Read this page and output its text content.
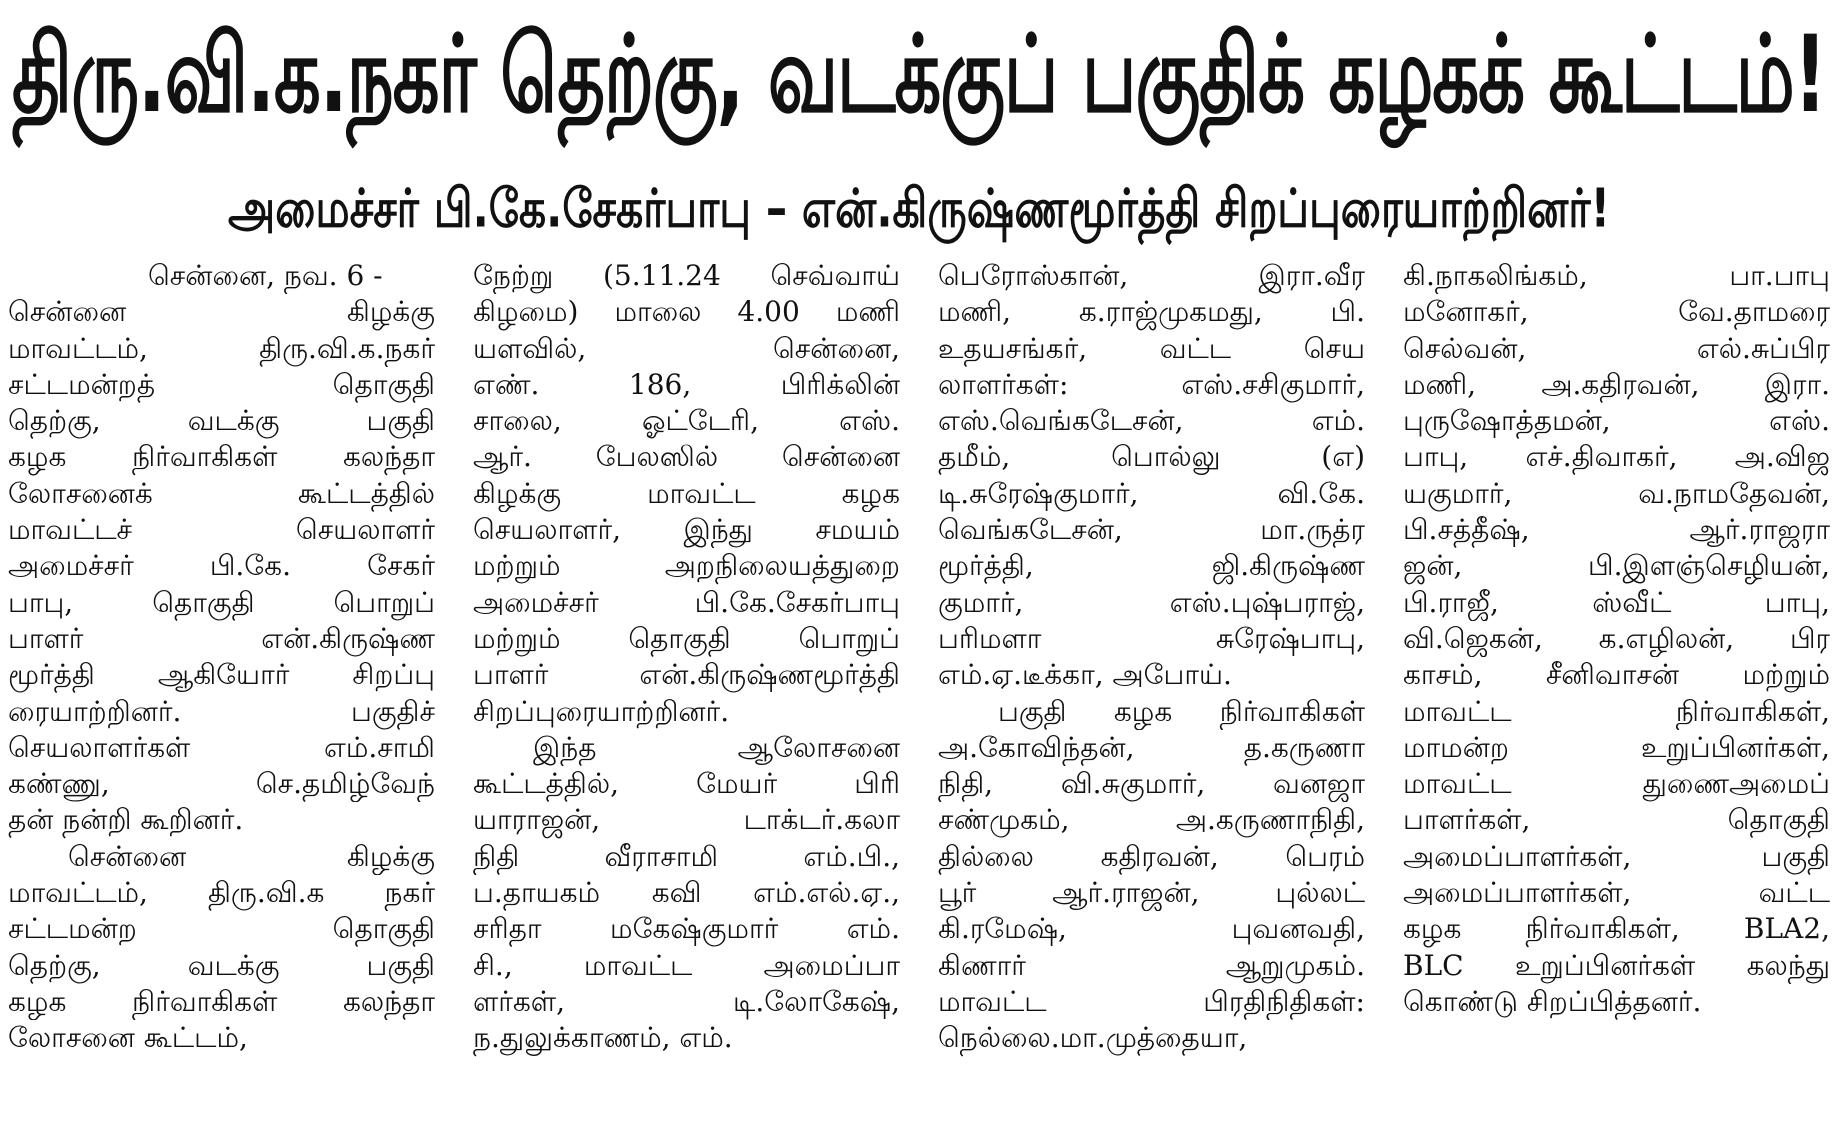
திரு.வி.க.நகர் தெற்கு, வடக்குப் பகுதிக் கழகக் கூட்டம்!
அமைச்சர் பி.கே.சேகர்பாபு – என்.கிருஷ்ணமூர்த்தி சிறப்புரையாற்றினர்!
சென்னை, நவ. 6 -
சென்னை கிழக்கு
மாவட்டம், திரு.வி.க.நகர்
சட்டமன்றத் தொகுதி
தெற்கு, வடக்கு பகுதி
கழக நிர்வாகிகள் கலந்தா
லோசனைக் கூட்டத்தில்
மாவட்டச் செயலாளர்
அமைச்சர் பி.கே. சேகர்
பாபு, தொகுதி பொறுப்
பாளர் என்.கிருஷ்ண
மூர்த்தி ஆகியோர் சிறப்பு
ரையாற்றினர். பகுதிச்
செயலாளர்கள் எம்.சாமி
கண்ணு, செ.தமிழ்வேந்
தன் நன்றி கூறினர்.
சென்னை கிழக்கு
மாவட்டம், திரு.வி.க நகர்
சட்டமன்ற தொகுதி
தெற்கு, வடக்கு பகுதி
கழக நிர்வாகிகள் கலந்தா
லோசனை கூட்டம்,
நேற்று (5.11.24 செவ்வாய்
கிழமை) மாலை 4.00 மணி
யளவில், சென்னை,
எண். 186, பிரிக்லின்
சாலை, ஓட்டேரி, எஸ்.
ஆர். பேலஸில் சென்னை
கிழக்கு மாவட்ட கழக
செயலாளர், இந்து சமயம்
மற்றும் அறநிலையத்துறை
அமைச்சர் பி.கே.சேகர்பாபு
மற்றும் தொகுதி பொறுப்
பாளர் என்.கிருஷ்ணமூர்த்தி
சிறப்புரையாற்றினர்.
இந்த ஆலோசனை
கூட்டத்தில், மேயர் பிரி
யாராஜன், டாக்டர்.கலா
நிதி வீராசாமி எம்.பி.,
ப.தாயகம் கவி எம்.எல்.ஏ.,
சரிதா மகேஷ்குமார் எம்.
சி., மாவட்ட அமைப்பா
ளர்கள், டி.லோகேஷ்,
ந.துலுக்காணம், எம்.
பெரோஸ்கான், இரா.வீர
மணி, க.ராஜ்முகமது, பி.
உதயசங்கர், வட்ட செய
லாளர்கள்: எஸ்.சசிகுமார்,
எஸ்.வெங்கடேசன், எம்.
தமீம், பொல்லு (எ)
டி.சுரேஷ்குமார், வி.கே.
வெங்கடேசன், மா.ருத்ர
மூர்த்தி, ஜி.கிருஷ்ண
குமார், எஸ்.புஷ்பராஜ்,
பரிமளா சுரேஷ்பாபு,
எம்.ஏ.டீக்கா, அபோய்.
பகுதி கழக நிர்வாகிகள்
அ.கோவிந்தன், த.கருணா
நிதி, வி.சுகுமார், வனஜா
சண்முகம், அ.கருணாநிதி,
தில்லை கதிரவன், பெரம்
பூர் ஆர்.ராஜன், புல்லட்
கி.ரமேஷ், புவனவதி,
கிணார் ஆறுமுகம்.
மாவட்ட பிரதிநிதிகள்:
நெல்லை.மா.முத்தையா,
கி.நாகலிங்கம், பா.பாபு
மனோகர், வே.தாமரை
செல்வன், எல்.சுப்பிர
மணி, அ.கதிரவன், இரா.
புருஷோத்தமன், எஸ்.
பாபு, எச்.திவாகர், அ.விஜ
யகுமார், வ.நாமதேவன்,
பி.சத்தீஷ், ஆர்.ராஜரா
ஜன், பி.இளஞ்செழியன்,
பி.ராஜீ, ஸ்வீட் பாபு,
வி.ஜெகன், க.எழிலன், பிர
காசம், சீனிவாசன் மற்றும்
மாவட்ட நிர்வாகிகள்,
மாமன்ற உறுப்பினர்கள்,
மாவட்ட துணைஅமைப்
பாளர்கள், தொகுதி
அமைப்பாளர்கள், பகுதி
அமைப்பாளர்கள், வட்ட
கழக நிர்வாகிகள், BLA2,
BLC உறுப்பினர்கள் கலந்து
கொண்டு சிறப்பித்தனர்.
